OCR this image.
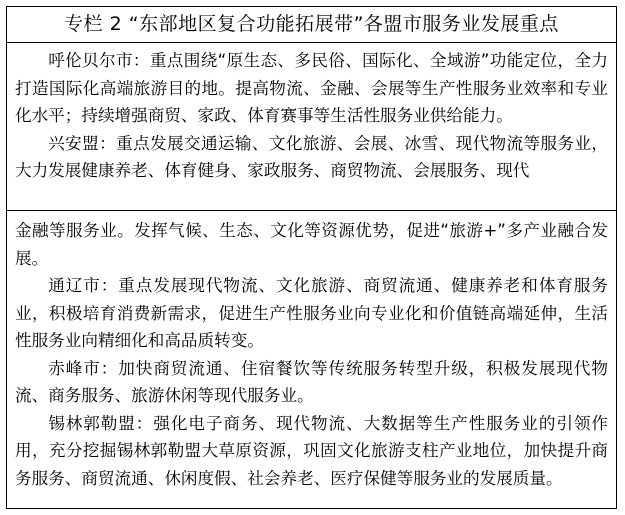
专栏 2 “东部地区复合功能拓展带”各盟市服务业发展重点

呼伦贝尔市：重点围绕“原生态、多民俗、国际化、全域游”功能定位，全力打造国际化高端旅游目的地。提高物流、金融、会展等生产性服务业效率和专业化水平；持续增强商贸、家政、体育赛事等生活性服务业供给能力。

兴安盟：重点发展交通运输、文化旅游、会展、冰雪、现代物流等服务业，大力发展健康养老、体育健身、家政服务、商贸物流、会展服务、现代

金融等服务业。发挥气候、生态、文化等资源优势，促进“旅游+”多产业融合发展。

通辽市：重点发展现代物流、文化旅游、商贸流通、健康养老和体育服务业，积极培育消费新需求，促进生产性服务业向专业化和价值链高端延伸，生活性服务业向精细化和高品质转变。

赤峰市：加快商贸流通、住宿餐饮等传统服务转型升级，积极发展现代物流、商务服务、旅游休闲等现代服务业。

锡林郭勒盟：强化电子商务、现代物流、大数据等生产性服务业的引领作用，充分挖掘锡林郭勒盟大草原资源，巩固文化旅游支柱产业地位，加快提升商务服务、商贸流通、休闲度假、社会养老、医疗保健等服务业的发展质量。
